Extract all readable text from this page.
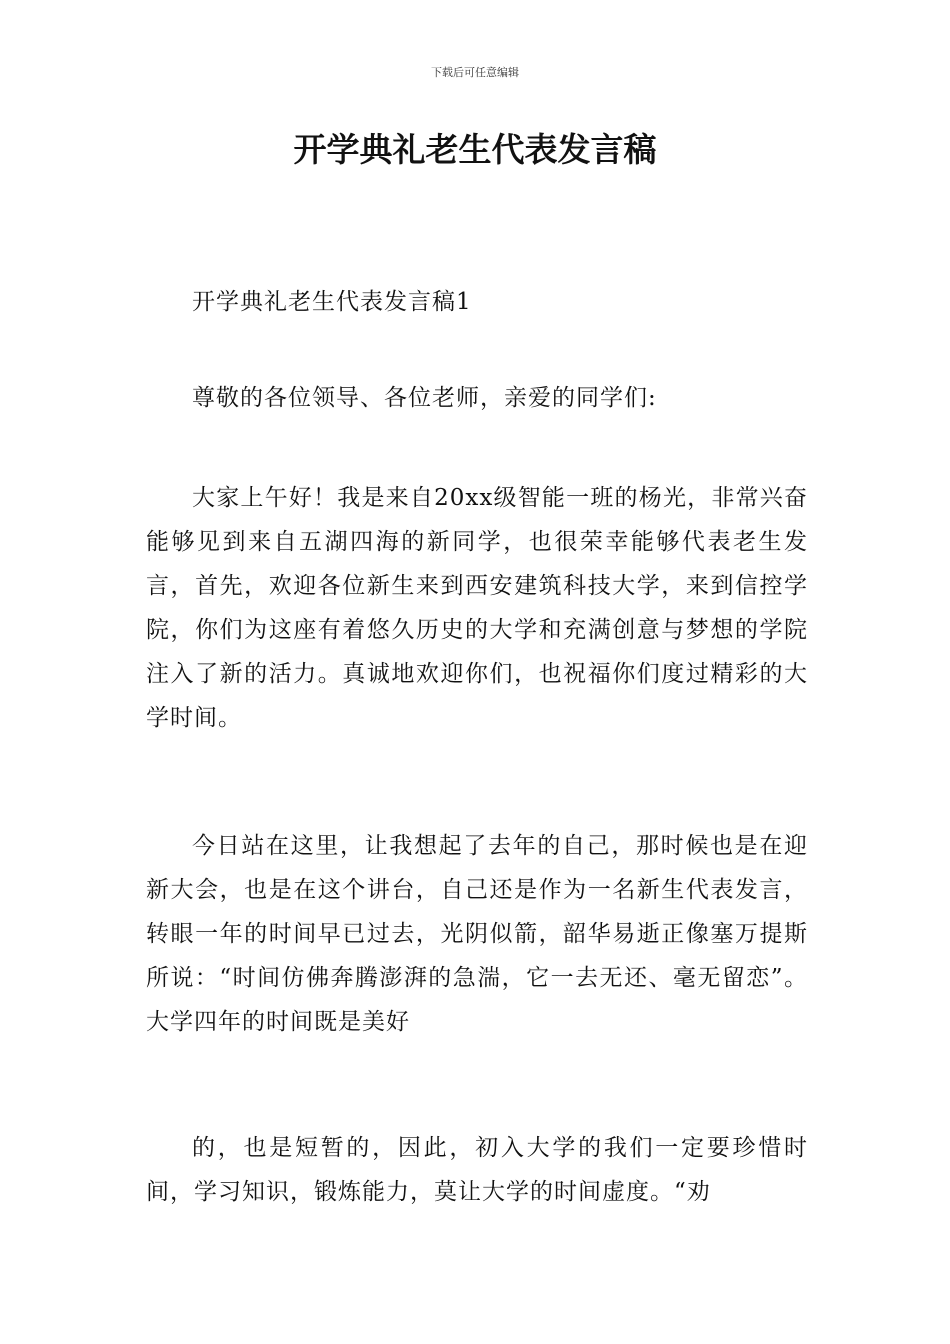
下载后可任意编辑
开学典礼老生代表发言稿

开学典礼老生代表发言稿1

尊敬的各位领导、各位老师，亲爱的同学们:

大家上午好！我是来自20xx级智能一班的杨光，非常兴奋能够见到来自五湖四海的新同学，也很荣幸能够代表老生发言，首先，欢迎各位新生来到西安建筑科技大学，来到信控学院，你们为这座有着悠久历史的大学和充满创意与梦想的学院注入了新的活力。真诚地欢迎你们，也祝福你们度过精彩的大学时间。

今日站在这里，让我想起了去年的自己，那时候也是在迎新大会，也是在这个讲台，自己还是作为一名新生代表发言，转眼一年的时间早已过去，光阴似箭，韶华易逝正像塞万提斯所说：“时间仿佛奔腾澎湃的急湍，它一去无还、毫无留恋”。大学四年的时间既是美好

的，也是短暂的，因此，初入大学的我们一定要珍惜时间，学习知识，锻炼能力，莫让大学的时间虚度。“劝
